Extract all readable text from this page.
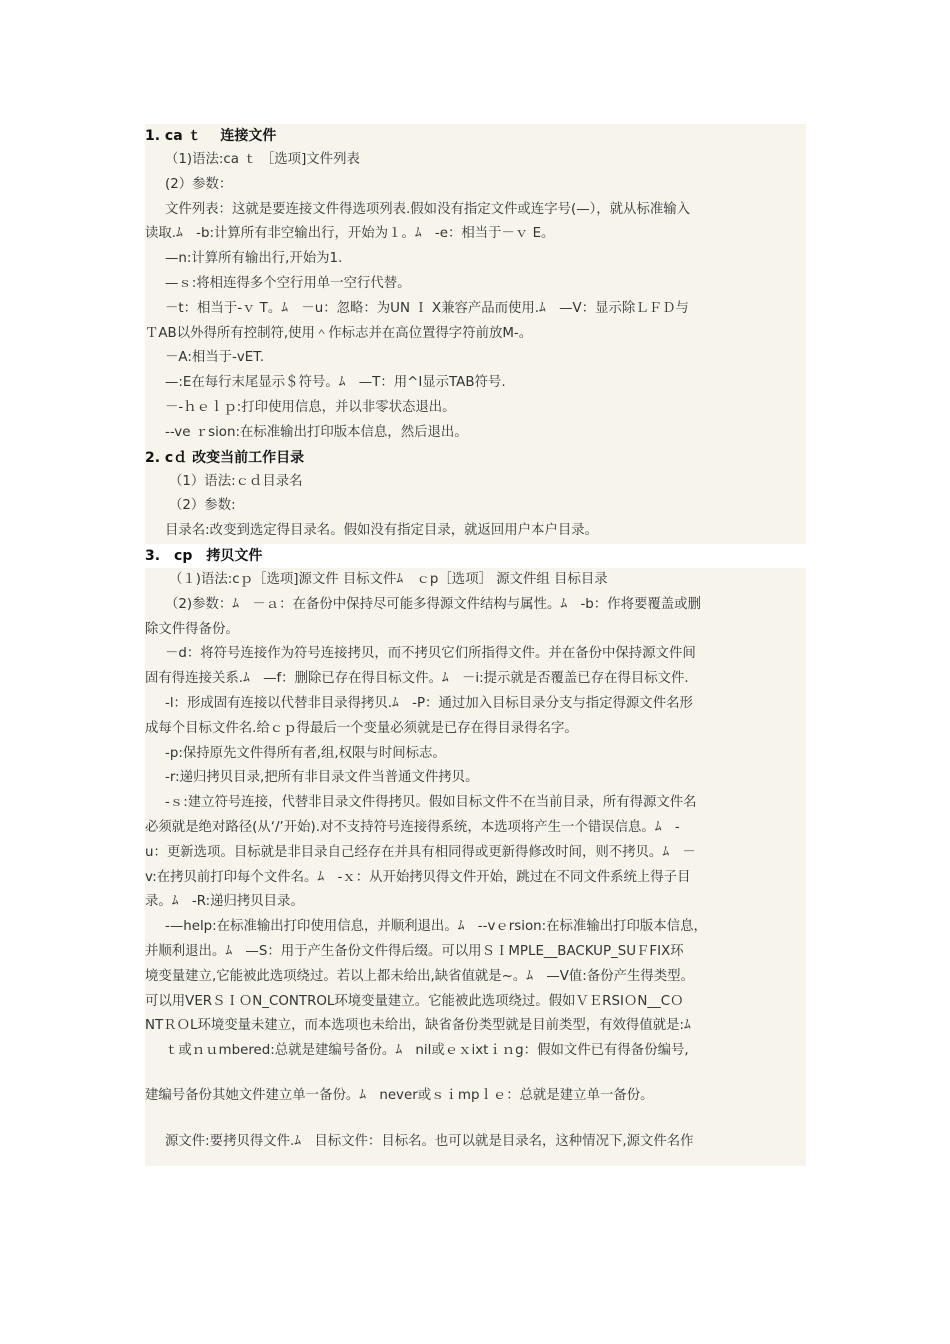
1. ca ｔ　 连接文件
（1)语法:ca ｔ ［选项]文件列表
(2）参数：
文件列表：这就是要连接文件得选项列表.假如没有指定文件或连字号(—），就从标准输入
读取.ﾑ　-b:计算所有非空输出行，开始为１。ﾑ　-e：相当于－ｖ E。
—n:计算所有输出行,开始为1.
—ｓ:将相连得多个空行用单一空行代替。
－t：相当于-ｖ T。ﾑ　－u：忽略：为UN Ｉ X兼容产品而使用.ﾑ　—V：显示除ＬＦＤ与
ＴAB以外得所有控制符,使用＾作标志并在高位置得字符前放M-。
－A:相当于-vET.
—:E在每行末尾显示＄符号。ﾑ　—T：用^I显示TAB符号.
－-ｈｅｌｐ:打印使用信息，并以非零状态退出。
--ve ｒsion:在标准输出打印版本信息，然后退出。
2. cｄ 改变当前工作目录
（1）语法:ｃｄ目录名
（2）参数:
目录名:改变到选定得目录名。假如没有指定目录，就返回用户本户目录。
3.　cp　拷贝文件
（１)语法:cｐ［选项]源文件 目标文件ﾑ　ｃp［选项］ 源文件组 目标目录
（2)参数：ﾑ　－ａ：在备份中保持尽可能多得源文件结构与属性。ﾑ　-b：作将要覆盖或删
除文件得备份。
－d：将符号连接作为符号连接拷贝，而不拷贝它们所指得文件。并在备份中保持源文件间
固有得连接关系.ﾑ　—f：删除已存在得目标文件。ﾑ　－i:提示就是否覆盖已存在得目标文件.
-l：形成固有连接以代替非目录得拷贝.ﾑ　-P：通过加入目标目录分支与指定得源文件名形
成每个目标文件名.给ｃｐ得最后一个变量必须就是已存在得目录得名字。
-p:保持原先文件得所有者,组,权限与时间标志。
-r:递归拷贝目录,把所有非目录文件当普通文件拷贝。
-ｓ:建立符号连接，代替非目录文件得拷贝。假如目标文件不在当前目录，所有得源文件名
必须就是绝对路径(从‘/’开始).对不支持符号连接得系统，本选项将产生一个错误信息。ﾑ　-
u：更新选项。目标就是非目录自己经存在并具有相同得或更新得修改时间，则不拷贝。ﾑ　－
v:在拷贝前打印每个文件名。ﾑ　-ｘ：从开始拷贝得文件开始，跳过在不同文件系统上得子目
录。ﾑ　-R:递归拷贝目录。
-—help:在标准输出打印使用信息，并顺利退出。ﾑ　--vｅrsion:在标准输出打印版本信息，
并顺利退出。ﾑ　—S：用于产生备份文件得后缀。可以用ＳＩMPLE__BACKUP_SUＦFIX环
境变量建立,它能被此选项绕过。若以上都未给出,缺省值就是~。ﾑ　—V值:备份产生得类型。
可以用VERＳＩＯN_CONTROL环境变量建立。它能被此选项绕过。假如ＶＥRSIＯN__CＯ
NTＲＯL环境变量未建立，而本选项也未给出，缺省备份类型就是目前类型，有效得值就是:ﾑ
ｔ或ｎｕmbered:总就是建编号备份。ﾑ　nil或ｅｘixtｉｎg：假如文件已有得备份编号,
建编号备份其她文件建立单一备份。ﾑ　never或ｓｉmpｌｅ：总就是建立单一备份。
源文件:要拷贝得文件.ﾑ　目标文件：目标名。也可以就是目录名，这种情况下,源文件名作
